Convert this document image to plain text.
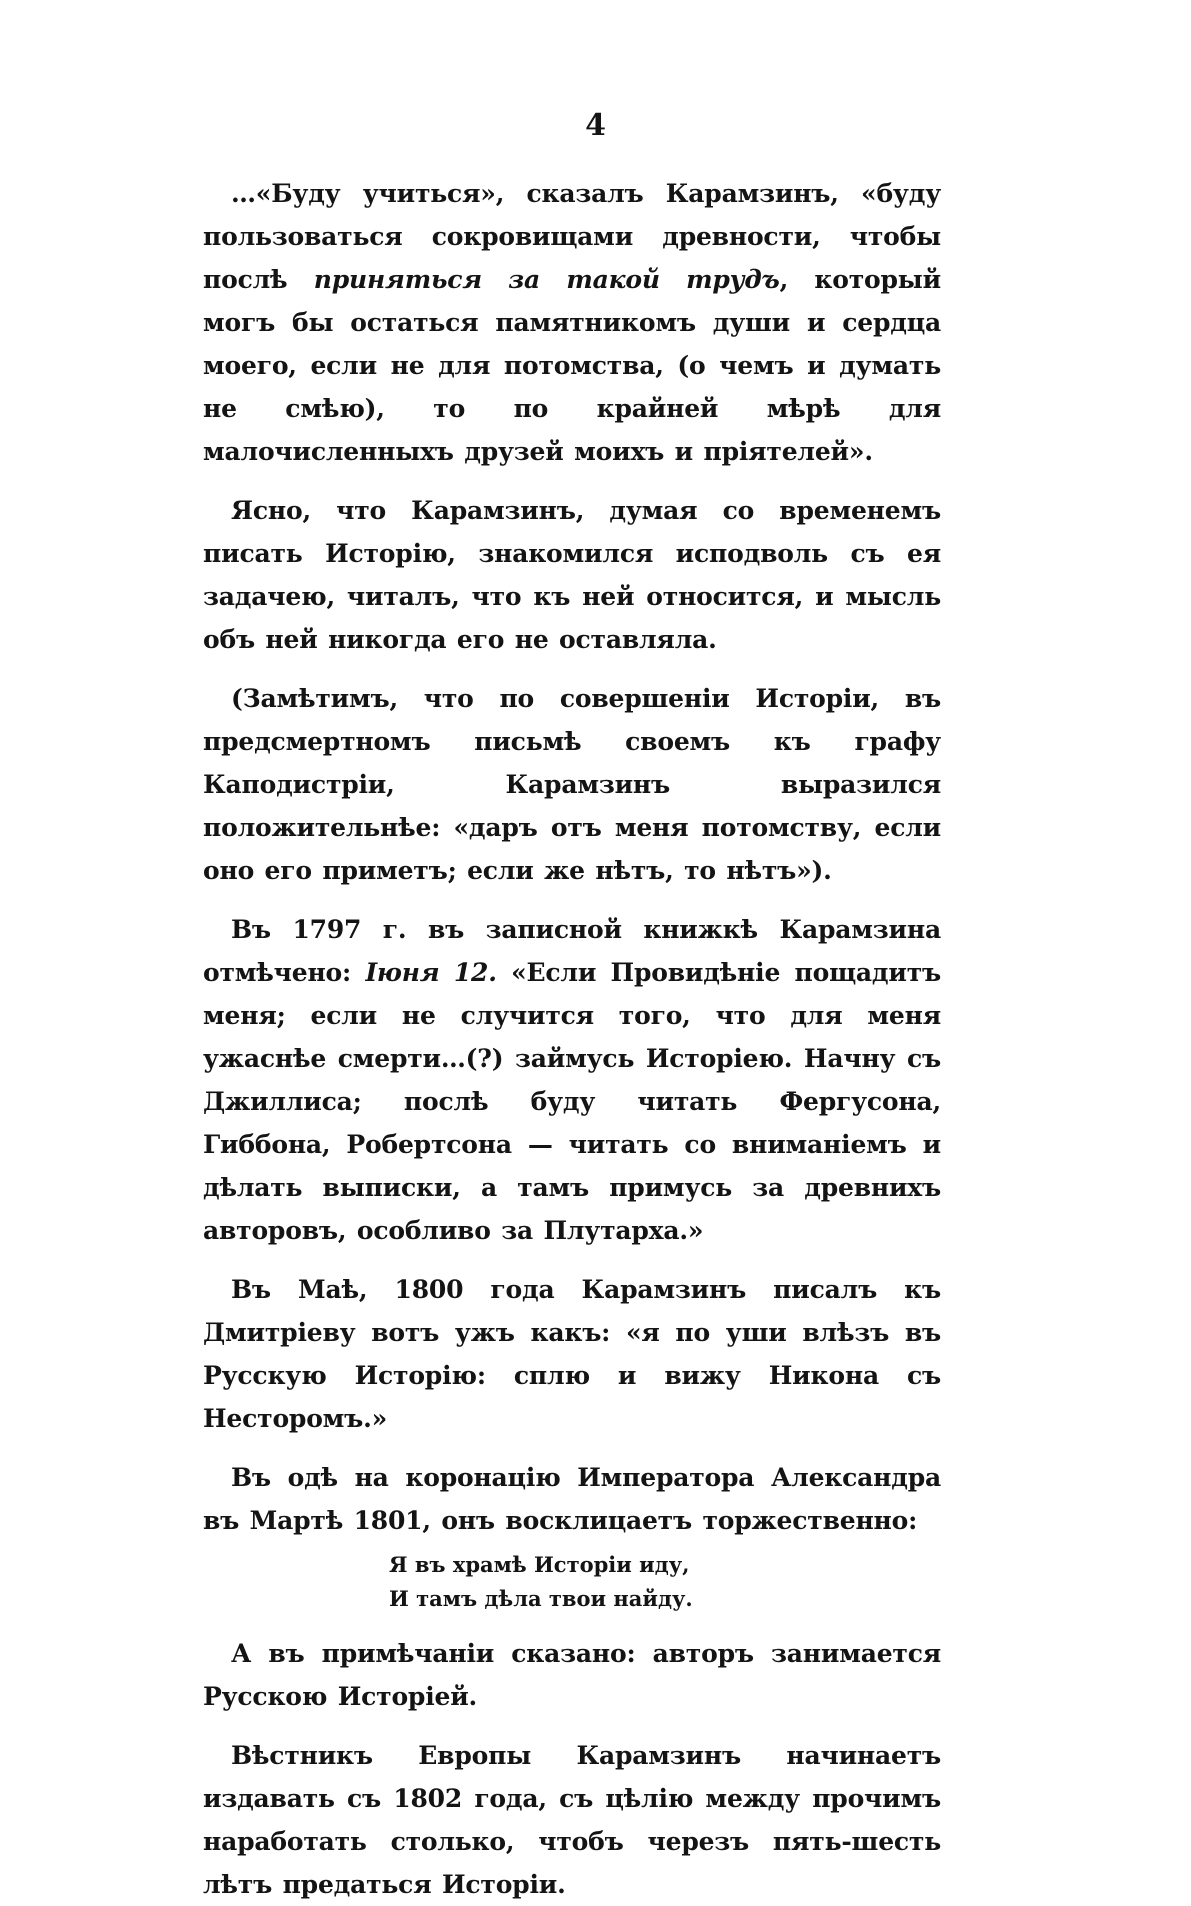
4

…«Буду учиться», сказалъ Карамзинъ, «буду пользоваться сокровищами древности, чтобы послѣ приняться за такой трудъ, который могъ бы остаться памятникомъ души и сердца моего, если не для потомства, (о чемъ и думать не смѣю), то по крайней мѣрѣ для малочисленныхъ друзей моихъ и пріятелей».

Ясно, что Карамзинъ, думая со временемъ писать Исторію, знакомился исподволь съ ея задачею, читалъ, что къ ней относится, и мысль объ ней никогда его не оставляла.

(Замѣтимъ, что по совершеніи Исторіи, въ предсмертномъ письмѣ своемъ къ графу Каподистріи, Карамзинъ выразился положительнѣе: «даръ отъ меня потомству, если оно его приметъ; если же нѣтъ, то нѣтъ»).

Въ 1797 г. въ записной книжкѣ Карамзина отмѣчено: Іюня 12. «Если Провидѣніе пощадитъ меня; если не случится того, что для меня ужаснѣе смерти…(?) займусь Исторіею. Начну съ Джиллиса; послѣ буду читать Фергусона, Гиббона, Робертсона — читать со вниманіемъ и дѣлать выписки, а тамъ примусь за древнихъ авторовъ, особливо за Плутарха.»

Въ Маѣ, 1800 года Карамзинъ писалъ къ Дмитріеву вотъ ужъ какъ: «я по уши влѣзъ въ Русскую Исторію: сплю и вижу Никона съ Несторомъ.»

Въ одѣ на коронацію Императора Александра въ Мартѣ 1801, онъ восклицаетъ торжественно:

Я въ храмѣ Исторіи иду,
И тамъ дѣла твои найду.

А въ примѣчаніи сказано: авторъ занимается Русскою Исторіей.

Вѣстникъ Европы Карамзинъ начинаетъ издавать съ 1802 года, съ цѣлію между прочимъ наработать столько, чтобъ черезъ пять-шесть лѣтъ предаться Исторіи.
